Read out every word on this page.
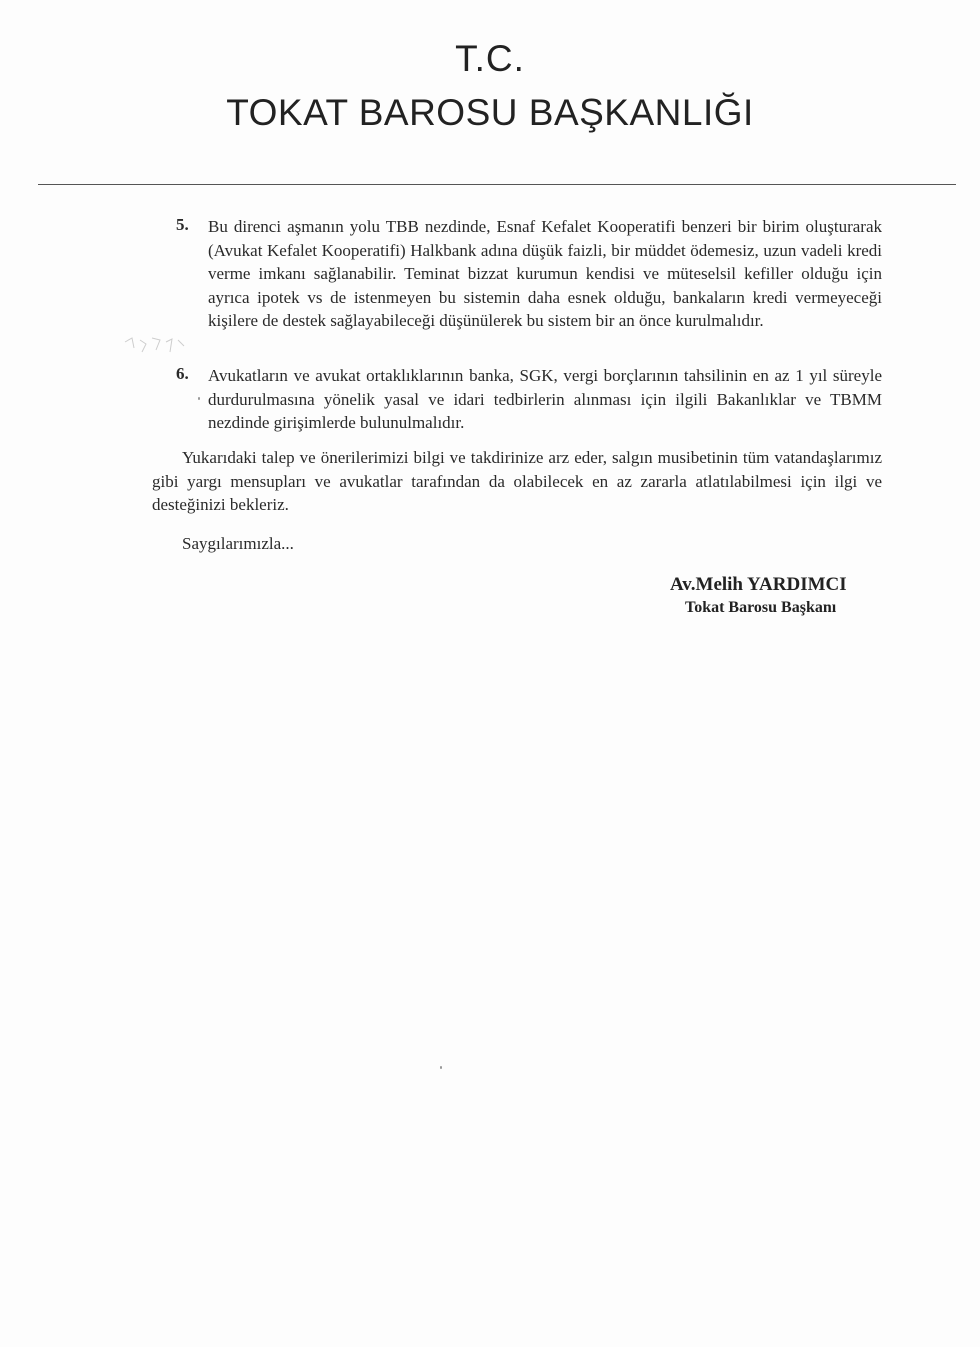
T.C.
TOKAT BAROSU BAŞKANLIĞI
5.	Bu direnci aşmanın yolu TBB nezdinde, Esnaf Kefalet Kooperatifi benzeri bir birim oluşturarak (Avukat Kefalet Kooperatifi) Halkbank adına düşük faizli, bir müddet ödemesiz, uzun vadeli kredi verme imkanı sağlanabilir. Teminat bizzat kurumun kendisi ve müteselsil kefiller olduğu için ayrıca ipotek vs de istenmeyen bu sistemin daha esnek olduğu, bankaların kredi vermeyeceği kişilere de destek sağlayabileceği düşünülerek bu sistem bir an önce kurulmalıdır.
6.	Avukatların ve avukat ortaklıklarının banka, SGK, vergi borçlarının tahsilinin en az 1 yıl süreyle durdurulmasına yönelik yasal ve idari tedbirlerin alınması için ilgili Bakanlıklar ve TBMM nezdinde girişimlerde bulunulmalıdır.
Yukarıdaki talep ve önerilerimizi bilgi ve takdirinize arz eder, salgın musibetinin tüm vatandaşlarımız gibi yargı mensupları ve avukatlar tarafından da olabilecek en az zararla atlatılabilmesi için ilgi ve desteğinizi bekleriz.
Saygılarımızla...
Av.Melih YARDIMCI
Tokat Barosu Başkanı
